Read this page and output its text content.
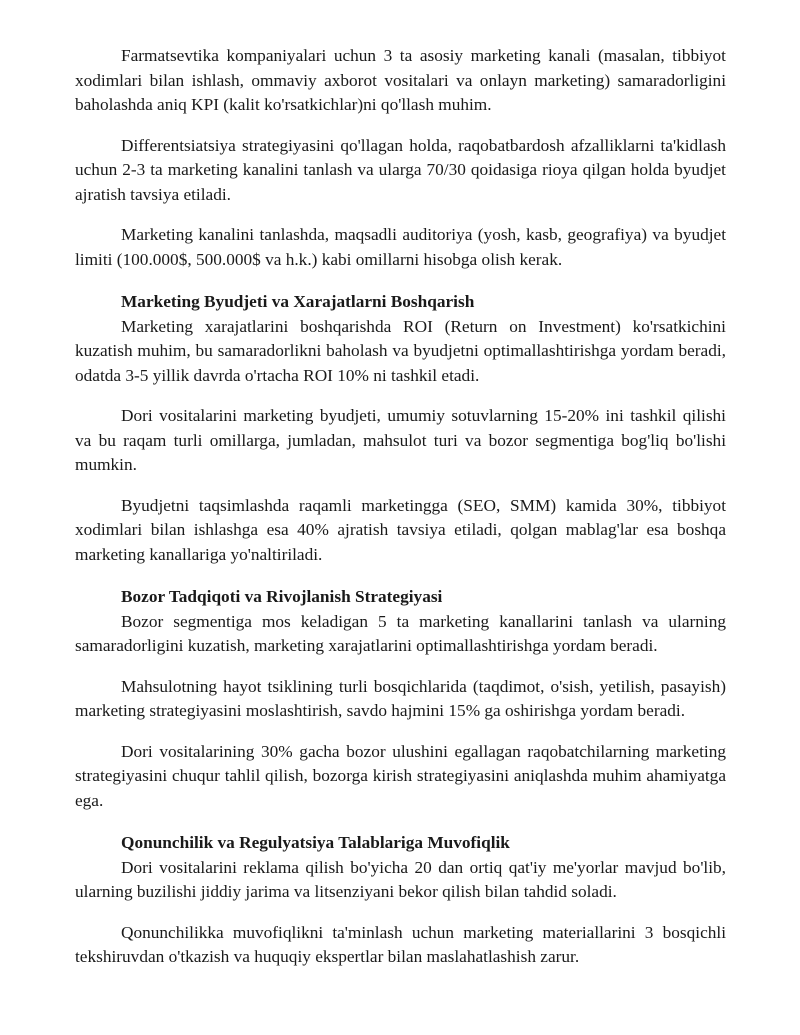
Farmatsevtika kompaniyalari uchun 3 ta asosiy marketing kanali (masalan, tibbiyot xodimlari bilan ishlash, ommaviy axborot vositalari va onlayn marketing) samaradorligini baholashda aniq KPI (kalit ko'rsatkichlar)ni qo'llash muhim.

Differentsiatsiya strategiyasini qo'llagan holda, raqobatbardosh afzalliklarni ta'kidlash uchun 2-3 ta marketing kanalini tanlash va ularga 70/30 qoidasiga rioya qilgan holda byudjet ajratish tavsiya etiladi.

Marketing kanalini tanlashda, maqsadli auditoriya (yosh, kasb, geografiya) va byudjet limiti (100.000$, 500.000$ va h.k.) kabi omillarni hisobga olish kerak.

Marketing Byudjeti va Xarajatlarni Boshqarish

Marketing xarajatlarini boshqarishda ROI (Return on Investment) ko'rsatkichini kuzatish muhim, bu samaradorlikni baholash va byudjetni optimallashtirishga yordam beradi, odatda 3-5 yillik davrda o'rtacha ROI 10% ni tashkil etadi.

Dori vositalarini marketing byudjeti, umumiy sotuvlarning 15-20% ini tashkil qilishi va bu raqam turli omillarga, jumladan, mahsulot turi va bozor segmentiga bog'liq bo'lishi mumkin.

Byudjetni taqsimlashda raqamli marketingga (SEO, SMM) kamida 30%, tibbiyot xodimlari bilan ishlashga esa 40% ajratish tavsiya etiladi, qolgan mablag'lar esa boshqa marketing kanallariga yo'naltiriladi.

Bozor Tadqiqoti va Rivojlanish Strategiyasi

Bozor segmentiga mos keladigan 5 ta marketing kanallarini tanlash va ularning samaradorligini kuzatish, marketing xarajatlarini optimallashtirishga yordam beradi.

Mahsulotning hayot tsiklining turli bosqichlarida (taqdimot, o'sish, yetilish, pasayish) marketing strategiyasini moslashtirish, savdo hajmini 15% ga oshirishga yordam beradi.

Dori vositalarining 30% gacha bozor ulushini egallagan raqobatchilarning marketing strategiyasini chuqur tahlil qilish, bozorga kirish strategiyasini aniqlashda muhim ahamiyatga ega.

Qonunchilik va Regulyatsiya Talablariga Muvofiqlik

Dori vositalarini reklama qilish bo'yicha 20 dan ortiq qat'iy me'yorlar mavjud bo'lib, ularning buzilishi jiddiy jarima va litsenziyani bekor qilish bilan tahdid soladi.

Qonunchilikka muvofiqlikni ta'minlash uchun marketing materiallarini 3 bosqichli tekshiruvdan o'tkazish va huquqiy ekspertlar bilan maslahatlashish zarur.
